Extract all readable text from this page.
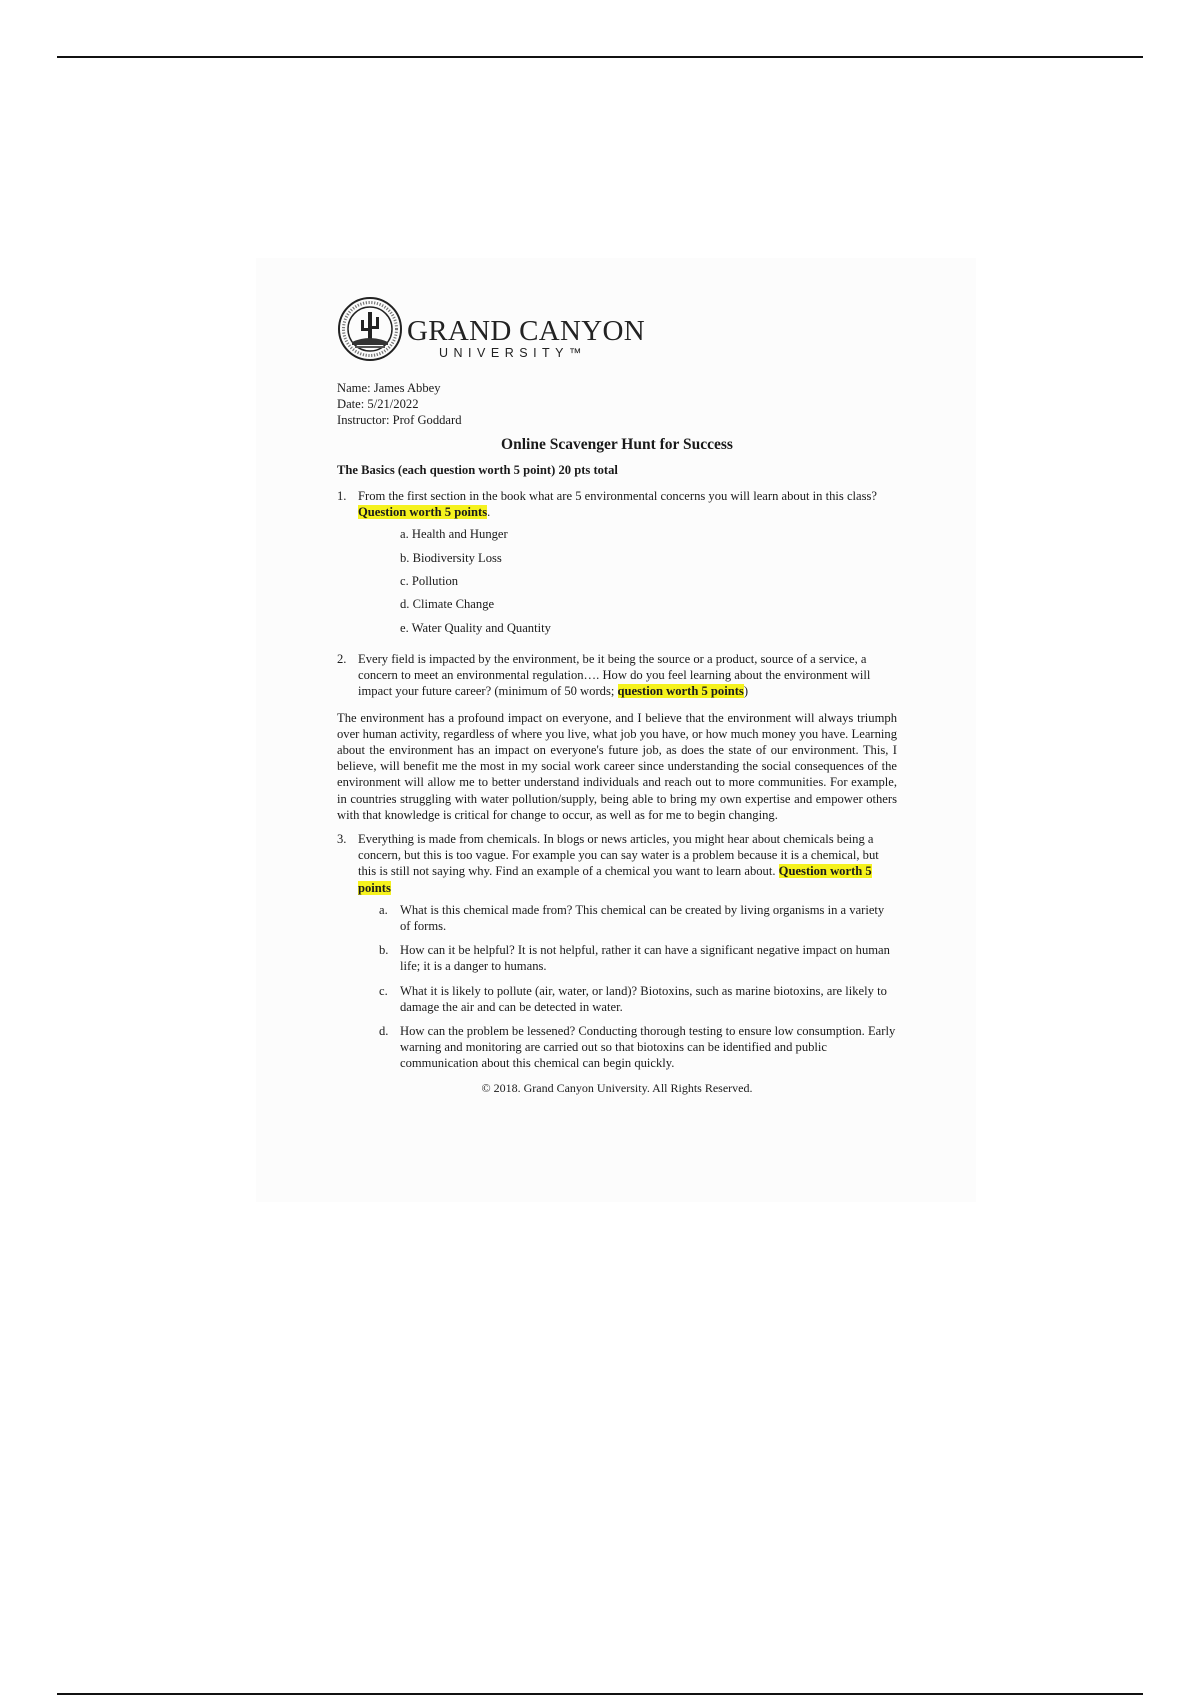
GRAND CANYON
UNIVERSITY™
Name: James Abbey
Date: 5/21/2022
Instructor: Prof Goddard
Online Scavenger Hunt for Success
The Basics (each question worth 5 point) 20 pts total
1. From the first section in the book what are 5 environmental concerns you will learn about in this class? Question worth 5 points.
a. Health and Hunger
b. Biodiversity Loss
c. Pollution
d. Climate Change
e. Water Quality and Quantity
2. Every field is impacted by the environment, be it being the source or a product, source of a service, a concern to meet an environmental regulation…. How do you feel learning about the environment will impact your future career? (minimum of 50 words; question worth 5 points)
The environment has a profound impact on everyone, and I believe that the environment will always triumph over human activity, regardless of where you live, what job you have, or how much money you have. Learning about the environment has an impact on everyone's future job, as does the state of our environment. This, I believe, will benefit me the most in my social work career since understanding the social consequences of the environment will allow me to better understand individuals and reach out to more communities. For example, in countries struggling with water pollution/supply, being able to bring my own expertise and empower others with that knowledge is critical for change to occur, as well as for me to begin changing.
3. Everything is made from chemicals. In blogs or news articles, you might hear about chemicals being a concern, but this is too vague. For example you can say water is a problem because it is a chemical, but this is still not saying why. Find an example of a chemical you want to learn about. Question worth 5 points
a. What is this chemical made from? This chemical can be created by living organisms in a variety of forms.
b. How can it be helpful? It is not helpful, rather it can have a significant negative impact on human life; it is a danger to humans.
c. What it is likely to pollute (air, water, or land)? Biotoxins, such as marine biotoxins, are likely to damage the air and can be detected in water.
d. How can the problem be lessened? Conducting thorough testing to ensure low consumption. Early warning and monitoring are carried out so that biotoxins can be identified and public communication about this chemical can begin quickly.
© 2018. Grand Canyon University. All Rights Reserved.
